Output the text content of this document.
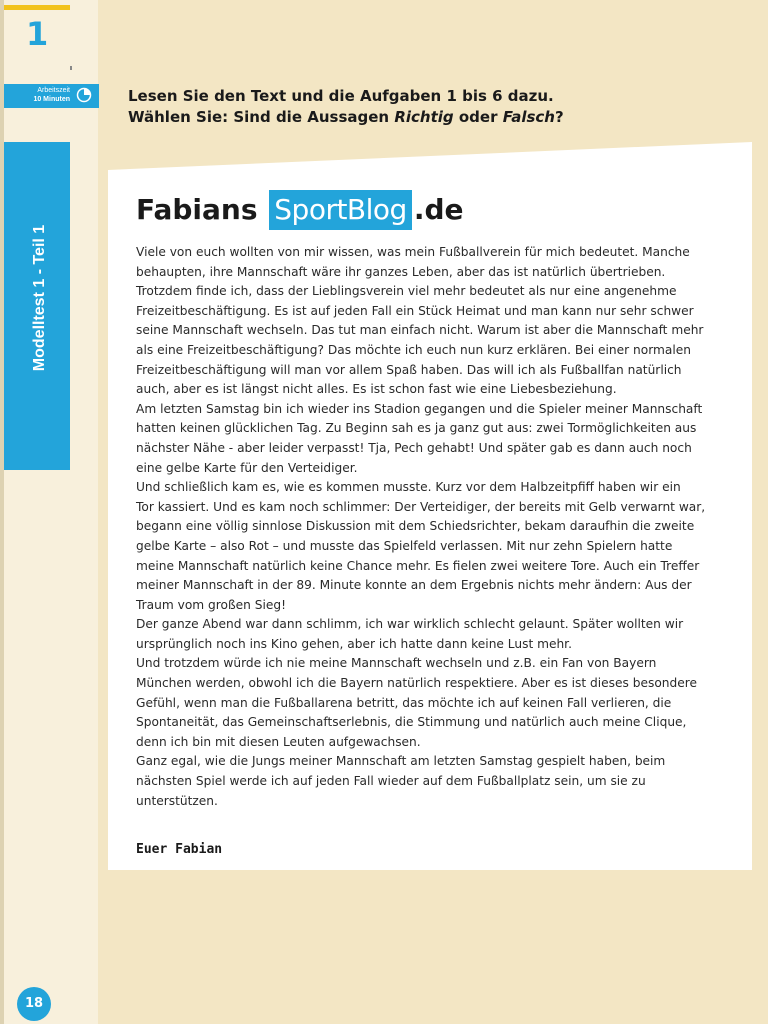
1
Arbeitszeit
10 Minuten
Modelltest 1 - Teil 1
Lesen Sie den Text und die Aufgaben 1 bis 6 dazu.
Wählen Sie: Sind die Aussagen Richtig oder Falsch?
Fabians SportBlog .de
Viele von euch wollten von mir wissen, was mein Fußballverein für mich bedeutet. Manche
behaupten, ihre Mannschaft wäre ihr ganzes Leben, aber das ist natürlich übertrieben.
Trotzdem finde ich, dass der Lieblingsverein viel mehr bedeutet als nur eine angenehme
Freizeitbeschäftigung. Es ist auf jeden Fall ein Stück Heimat und man kann nur sehr schwer
seine Mannschaft wechseln. Das tut man einfach nicht. Warum ist aber die Mannschaft mehr
als eine Freizeitbeschäftigung? Das möchte ich euch nun kurz erklären. Bei einer normalen
Freizeitbeschäftigung will man vor allem Spaß haben. Das will ich als Fußballfan natürlich
auch, aber es ist längst nicht alles. Es ist schon fast wie eine Liebesbeziehung.
Am letzten Samstag bin ich wieder ins Stadion gegangen und die Spieler meiner Mannschaft
hatten keinen glücklichen Tag. Zu Beginn sah es ja ganz gut aus: zwei Tormöglichkeiten aus
nächster Nähe - aber leider verpasst! Tja, Pech gehabt! Und später gab es dann auch noch
eine gelbe Karte für den Verteidiger.
Und schließlich kam es, wie es kommen musste. Kurz vor dem Halbzeitpfiff haben wir ein
Tor kassiert. Und es kam noch schlimmer: Der Verteidiger, der bereits mit Gelb verwarnt war,
begann eine völlig sinnlose Diskussion mit dem Schiedsrichter, bekam daraufhin die zweite
gelbe Karte – also Rot – und musste das Spielfeld verlassen. Mit nur zehn Spielern hatte
meine Mannschaft natürlich keine Chance mehr. Es fielen zwei weitere Tore. Auch ein Treffer
meiner Mannschaft in der 89. Minute konnte an dem Ergebnis nichts mehr ändern: Aus der
Traum vom großen Sieg!
Der ganze Abend war dann schlimm, ich war wirklich schlecht gelaunt. Später wollten wir
ursprünglich noch ins Kino gehen, aber ich hatte dann keine Lust mehr.
Und trotzdem würde ich nie meine Mannschaft wechseln und z.B. ein Fan von Bayern
München werden, obwohl ich die Bayern natürlich respektiere. Aber es ist dieses besondere
Gefühl, wenn man die Fußballarena betritt, das möchte ich auf keinen Fall verlieren, die
Spontaneität, das Gemeinschaftserlebnis, die Stimmung und natürlich auch meine Clique,
denn ich bin mit diesen Leuten aufgewachsen.
Ganz egal, wie die Jungs meiner Mannschaft am letzten Samstag gespielt haben, beim
nächsten Spiel werde ich auf jeden Fall wieder auf dem Fußballplatz sein, um sie zu
unterstützen.
Euer Fabian
18
